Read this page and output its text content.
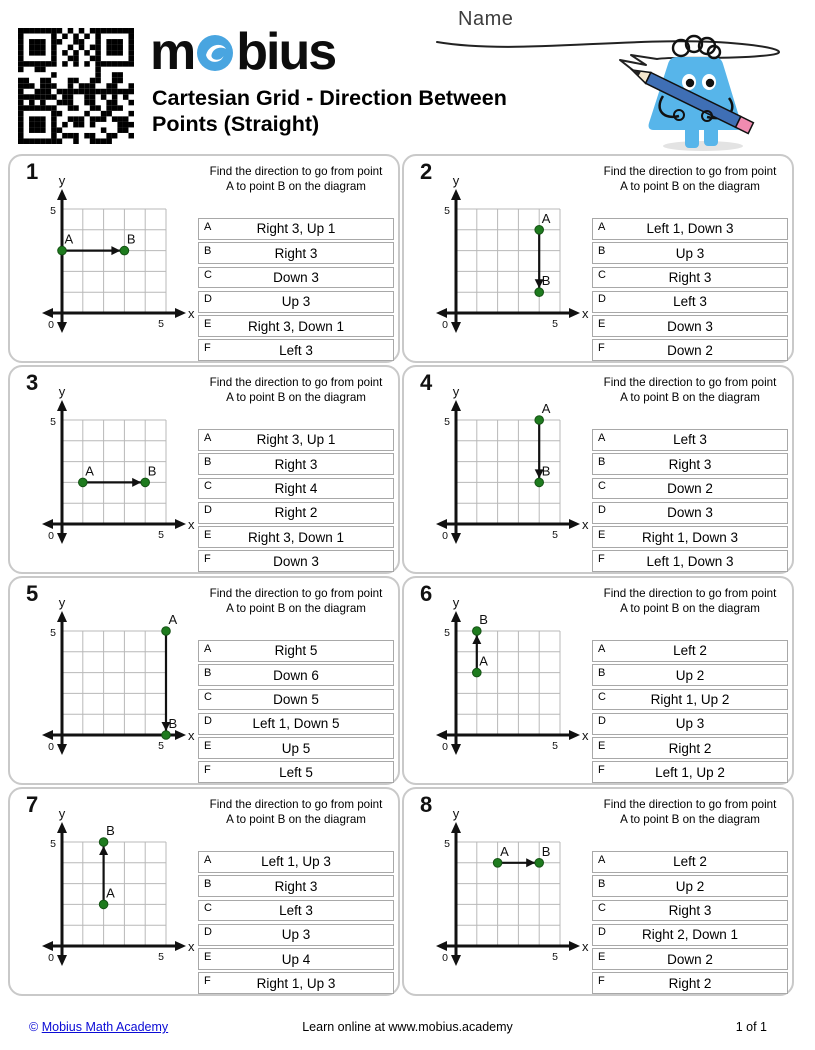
m bius
Cartesian Grid - Direction Between
Points (Straight)
Name
1 y
x
5
0	5
A	B
Find the direction to go from point A to point B on the diagram
A	Right 3, Up 1
B	Right 3
C	Down 3
D	Up 3
E	Right 3, Down 1
F	Left 3
2 y
x
5
0	5
A
B
Find the direction to go from point A to point B on the diagram
A	Left 1, Down 3
B	Up 3
C	Right 3
D	Left 3
E	Down 3
F	Down 2
3 y
x
5
0	5
A	B
Find the direction to go from point A to point B on the diagram
A	Right 3, Up 1
B	Right 3
C	Right 4
D	Right 2
E	Right 3, Down 1
F	Down 3
4 y
x
5
0	5
A
B
Find the direction to go from point A to point B on the diagram
A	Left 3
B	Right 3
C	Down 2
D	Down 3
E	Right 1, Down 3
F	Left 1, Down 3
5 y
x
5
0	5
A
B
Find the direction to go from point A to point B on the diagram
A	Right 5
B	Down 6
C	Down 5
D	Left 1, Down 5
E	Up 5
F	Left 5
6 y
x
5
0	5
A
B
Find the direction to go from point A to point B on the diagram
A	Left 2
B	Up 2
C	Right 1, Up 2
D	Up 3
E	Right 2
F	Left 1, Up 2
7 y
x
5
0	5
A
B
Find the direction to go from point A to point B on the diagram
A	Left 1, Up 3
B	Right 3
C	Left 3
D	Up 3
E	Up 4
F	Right 1, Up 3
8 y
x
5
0	5
A	B
Find the direction to go from point A to point B on the diagram
A	Left 2
B	Up 2
C	Right 3
D	Right 2, Down 1
E	Down 2
F	Right 2
© Mobius Math Academy	Learn online at www.mobius.academy	1 of 1
